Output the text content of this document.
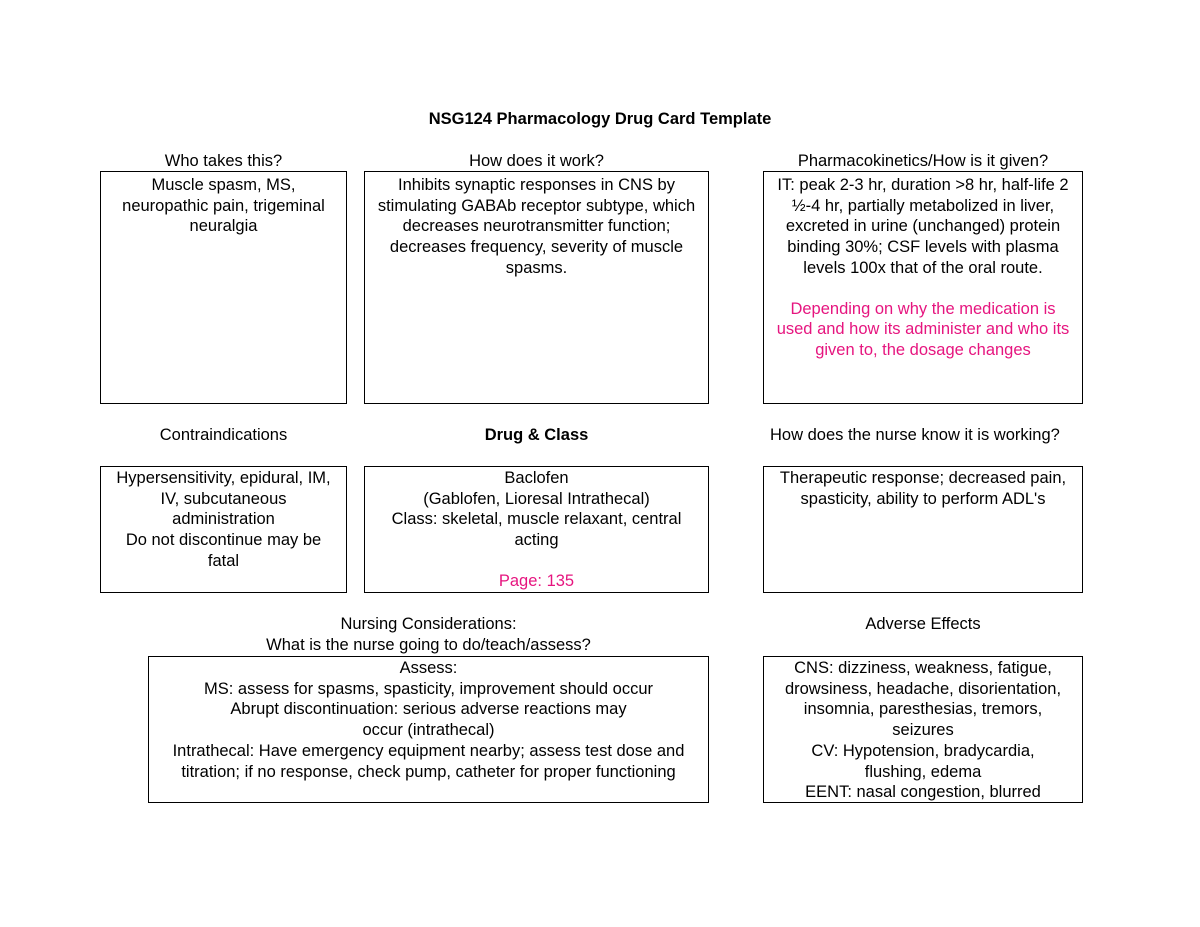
NSG124 Pharmacology Drug Card Template
Who takes this?

Muscle spasm, MS, neuropathic pain, trigeminal neuralgia

How does it work?

Inhibits synaptic responses in CNS by stimulating GABAb receptor subtype, which decreases neurotransmitter function; decreases frequency, severity of muscle spasms.

Pharmacokinetics/How is it given?

IT: peak 2-3 hr, duration >8 hr, half-life 2 ½-4 hr, partially metabolized in liver, excreted in urine (unchanged) protein binding 30%; CSF levels with plasma levels 100x that of the oral route.

Depending on why the medication is used and how its administer and who its given to, the dosage changes

Contraindications

Hypersensitivity, epidural, IM, IV, subcutaneous administration

Do not discontinue may be fatal

Drug & Class

Baclofen

(Gablofen, Lioresal Intrathecal)

Class: skeletal, muscle relaxant, central acting

Page: 135

How does the nurse know it is working?

Therapeutic response; decreased pain, spasticity, ability to perform ADL's

Nursing Considerations:
What is the nurse going to do/teach/assess?

Assess:

MS: assess for spasms, spasticity, improvement should occur

Abrupt discontinuation: serious adverse reactions may occur (intrathecal)

Intrathecal: Have emergency equipment nearby; assess test dose and titration; if no response, check pump, catheter for proper functioning

Adverse Effects

CNS: dizziness, weakness, fatigue, drowsiness, headache, disorientation, insomnia, paresthesias, tremors, seizures

CV: Hypotension, bradycardia, flushing, edema

EENT: nasal congestion, blurred
